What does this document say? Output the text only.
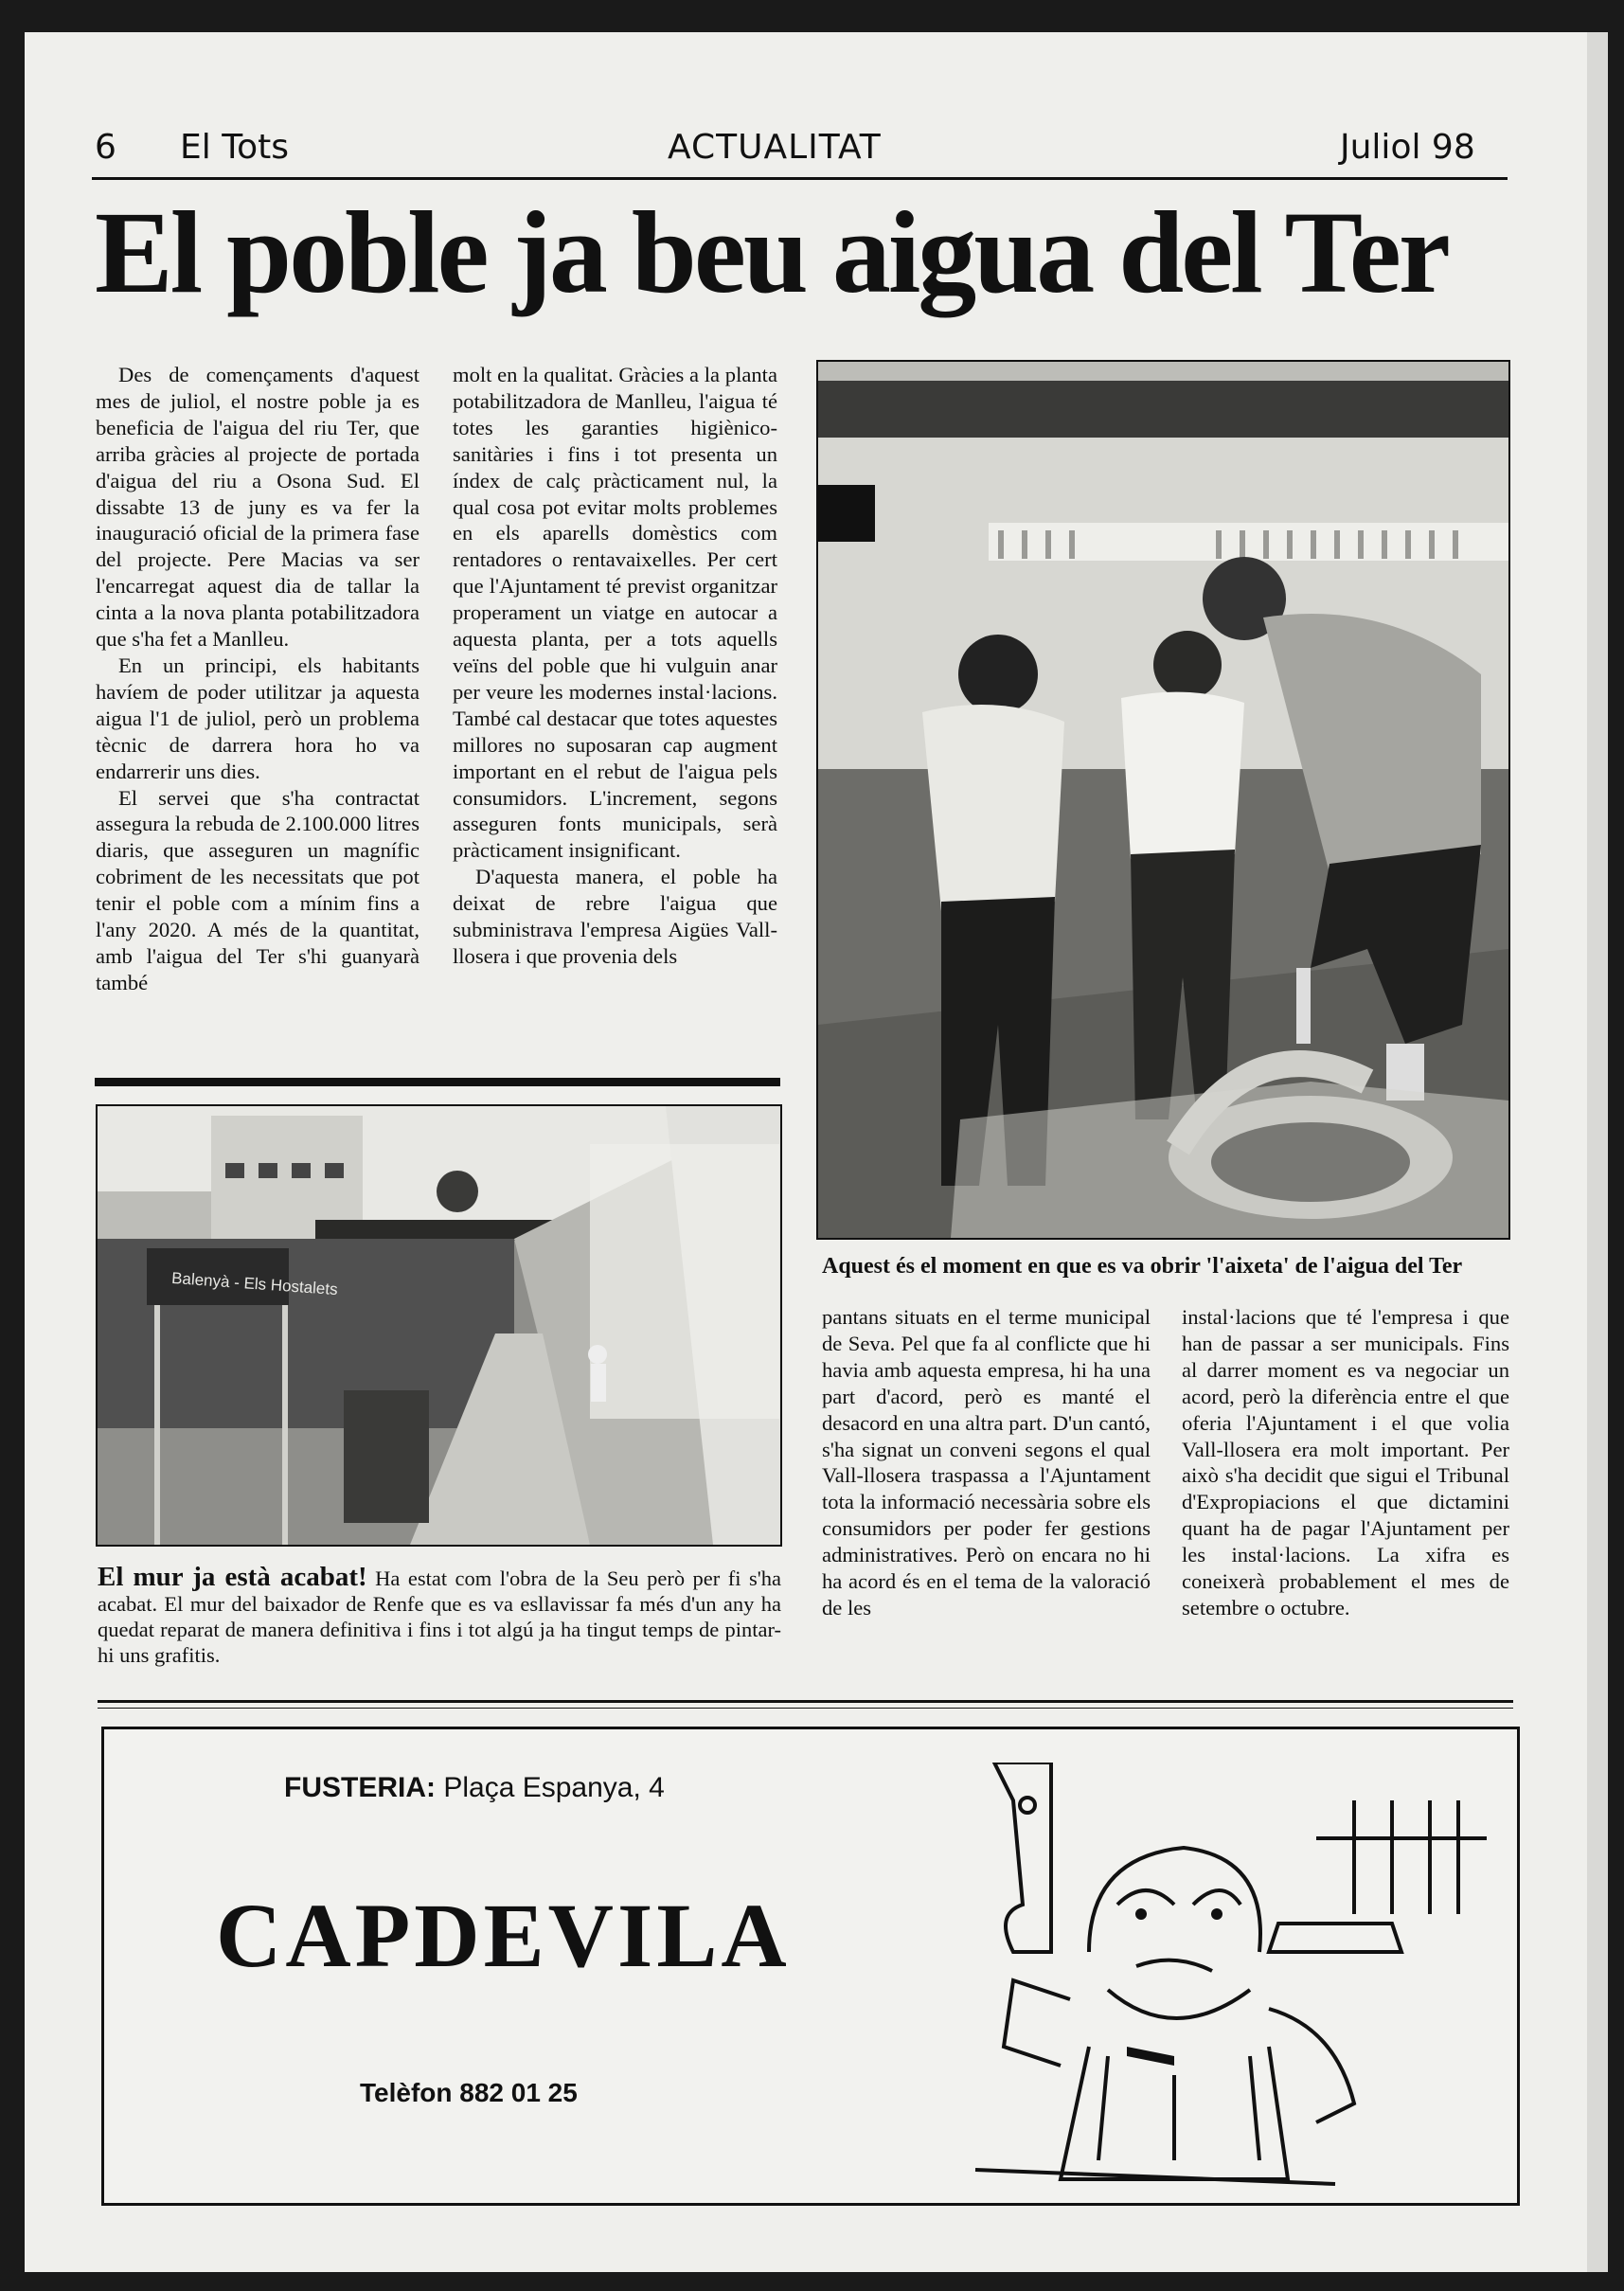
6 El Tots	ACTUALITAT	Juliol 98
El poble ja beu aigua del Ter

Des de començaments d'aquest mes de juliol, el nostre poble ja es beneficia de l'aigua del riu Ter, que arriba gràcies al projecte de portada d'aigua del riu a Osona Sud. El dissabte 13 de juny es va fer la inauguració oficial de la primera fase del projecte. Pere Macias va ser l'encarregat aquest dia de tallar la cinta a la nova planta potabilitzadora que s'ha fet a Manlleu.

En un principi, els habitants havíem de poder utilitzar ja aquesta aigua l'1 de juliol, però un problema tècnic de darrera hora ho va endarrerir uns dies.

El servei que s'ha contractat assegura la rebuda de 2.100.000 litres diaris, que asseguren un magnífic cobriment de les necessitats que pot tenir el poble com a mínim fins a l'any 2020. A més de la quantitat, amb l'aigua del Ter s'hi guanyarà també

molt en la qualitat. Gràcies a la planta potabilitzadora de Manlleu, l'aigua té totes les garanties higiènico-sanitàries i fins i tot presenta un índex de calç pràcticament nul, la qual cosa pot evitar molts problemes en els aparells domèstics com rentadores o rentavaixelles. Per cert que l'Ajuntament té previst organitzar properament un viatge en autocar a aquesta planta, per a tots aquells veïns del poble que hi vulguin anar per veure les modernes instal·lacions. També cal destacar que totes aquestes millores no suposaran cap augment important en el rebut de l'aigua pels consumidors. L'increment, segons asseguren fonts municipals, serà pràcticament insignificant.

D'aquesta manera, el poble ha deixat de rebre l'aigua que subministrava l'empresa Aigües Vall-llosera i que provenia dels

Aquest és el moment en que es va obrir 'l'aixeta' de l'aigua del Ter

pantans situats en el terme municipal de Seva. Pel que fa al conflicte que hi havia amb aquesta empresa, hi ha una part d'acord, però es manté el desacord en una altra part. D'un cantó, s'ha signat un conveni segons el qual Vall-llosera traspassa a l'Ajuntament tota la informació necessària sobre els consumidors per poder fer gestions administratives. Però on encara no hi ha acord és en el tema de la valoració de les

instal·lacions que té l'empresa i que han de passar a ser municipals. Fins al darrer moment es va negociar un acord, però la diferència entre el que oferia l'Ajuntament i el que volia Vall-llosera era molt important. Per això s'ha decidit que sigui el Tribunal d'Expropiacions el que dictamini quant ha de pagar l'Ajuntament per les instal·lacions. La xifra es coneixerà probablement el mes de setembre o octubre.

Balenyà - Els Hostalets
El mur ja està acabat! Ha estat com l'obra de la Seu però per fi s'ha acabat. El mur del baixador de Renfe que es va esllavissar fa més d'un any ha quedat reparat de manera definitiva i fins i tot algú ja ha tingut temps de pintar-hi uns grafitis.
FUSTERIA: Plaça Espanya, 4
CAPDEVILA
Telèfon 882 01 25
